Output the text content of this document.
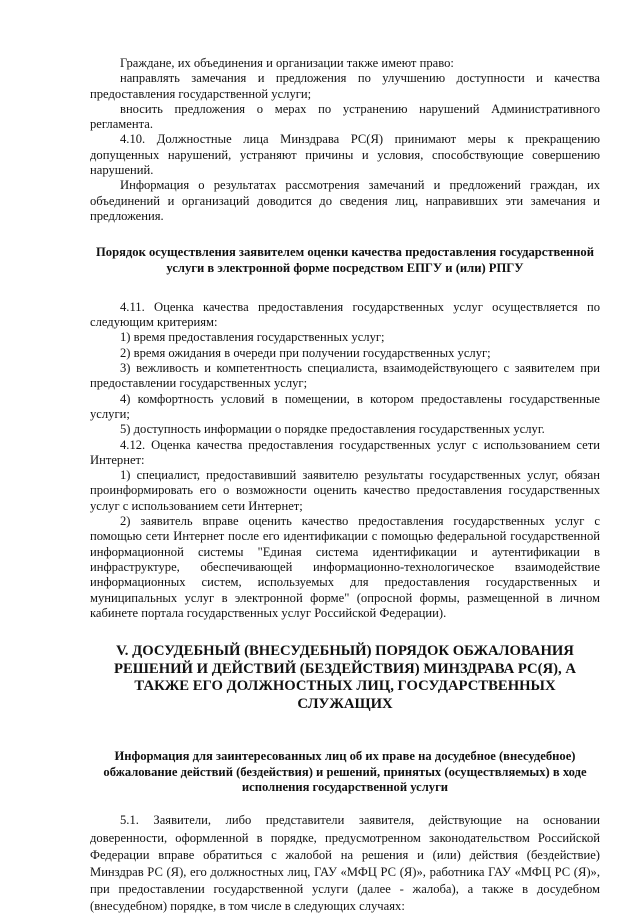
Граждане, их объединения и организации также имеют право:

направлять замечания и предложения по улучшению доступности и качества предоставления государственной услуги;

вносить предложения о мерах по устранению нарушений Административного регламента.

4.10. Должностные лица Минздрава РС(Я) принимают меры к прекращению допущенных нарушений, устраняют причины и условия, способствующие совершению нарушений.

Информация о результатах рассмотрения замечаний и предложений граждан, их объединений и организаций доводится до сведения лиц, направивших эти замечания и предложения.

Порядок осуществления заявителем оценки качества предоставления государственной услуги в электронной форме посредством ЕПГУ и (или) РПГУ

4.11. Оценка качества предоставления государственных услуг осуществляется по следующим критериям:

1) время предоставления государственных услуг;

2) время ожидания в очереди при получении государственных услуг;

3) вежливость и компетентность специалиста, взаимодействующего с заявителем при предоставлении государственных услуг;

4) комфортность условий в помещении, в котором предоставлены государственные услуги;

5) доступность информации о порядке предоставления государственных услуг.

4.12. Оценка качества предоставления государственных услуг с использованием сети Интернет:

1) специалист, предоставивший заявителю результаты государственных услуг, обязан проинформировать его о возможности оценить качество предоставления государственных услуг с использованием сети Интернет;

2) заявитель вправе оценить качество предоставления государственных услуг с помощью сети Интернет после его идентификации с помощью федеральной государственной информационной системы "Единая система идентификации и аутентификации в инфраструктуре, обеспечивающей информационно-технологическое взаимодействие информационных систем, используемых для предоставления государственных и муниципальных услуг в электронной форме" (опросной формы, размещенной в личном кабинете портала государственных услуг Российской Федерации).

V. ДОСУДЕБНЫЙ (ВНЕСУДЕБНЫЙ) ПОРЯДОК ОБЖАЛОВАНИЯ РЕШЕНИЙ И ДЕЙСТВИЙ (БЕЗДЕЙСТВИЯ) МИНЗДРАВА РС(Я), А ТАКЖЕ ЕГО ДОЛЖНОСТНЫХ ЛИЦ, ГОСУДАРСТВЕННЫХ СЛУЖАЩИХ

Информация для заинтересованных лиц об их праве на досудебное (внесудебное) обжалование действий (бездействия) и решений, принятых (осуществляемых) в ходе исполнения государственной услуги

5.1. Заявители, либо представители заявителя, действующие на основании доверенности, оформленной в порядке, предусмотренном законодательством Российской Федерации вправе обратиться с жалобой на решения и (или) действия (бездействие) Минздрав РС (Я), его должностных лиц, ГАУ «МФЦ РС (Я)», работника ГАУ «МФЦ РС (Я)», при предоставлении государственной услуги (далее - жалоба), а также в досудебном (внесудебном) порядке, в том числе в следующих случаях:
